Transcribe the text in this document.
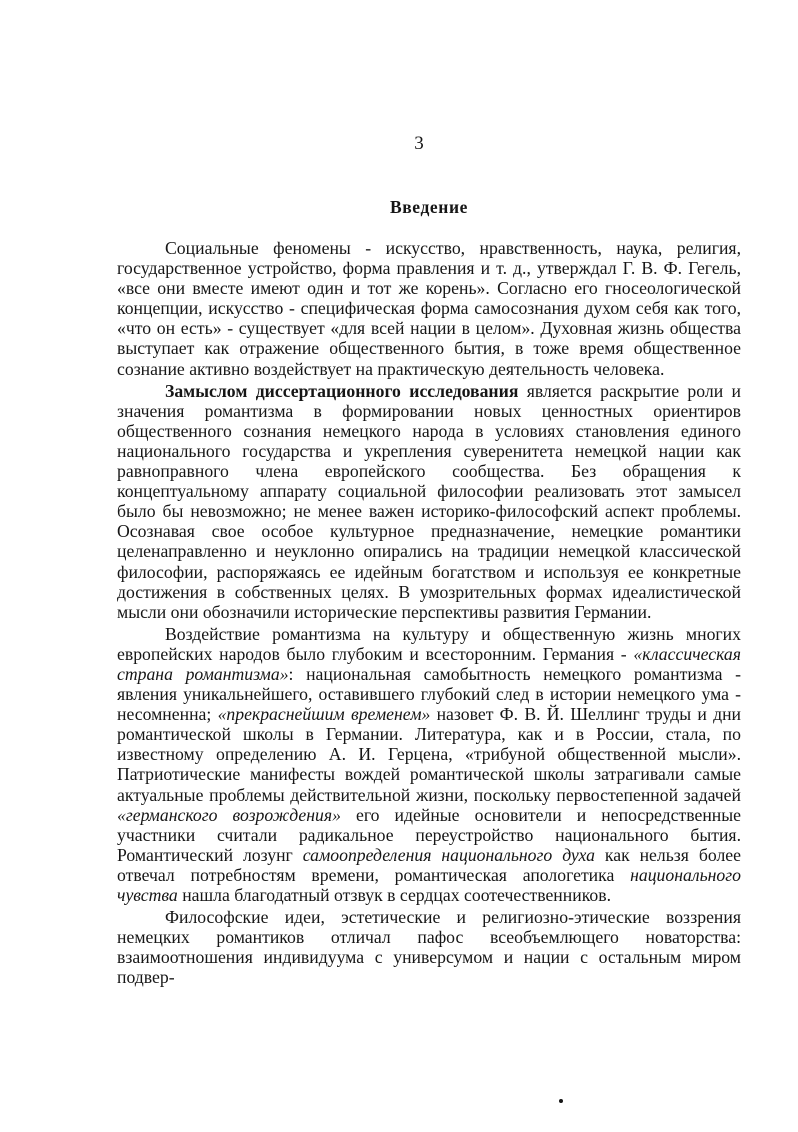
3
Введение

Социальные феномены - искусство, нравственность, наука, религия, государственное устройство, форма правления и т. д., утверждал Г. В. Ф. Гегель, «все они вместе имеют один и тот же корень». Согласно его гносеологической концепции, искусство - специфическая форма самосознания духом себя как того, «что он есть» - существует «для всей нации в целом». Духовная жизнь общества выступает как отражение общественного бытия, в тоже время общественное сознание активно воздействует на практическую деятельность человека.

Замыслом диссертационного исследования является раскрытие роли и значения романтизма в формировании новых ценностных ориентиров общественного сознания немецкого народа в условиях становления единого национального государства и укрепления суверенитета немецкой нации как равноправного члена европейского сообщества. Без обращения к концептуальному аппарату социальной философии реализовать этот замысел было бы невозможно; не менее важен историко-философский аспект проблемы. Осознавая свое особое культурное предназначение, немецкие романтики целенаправленно и неуклонно опирались на традиции немецкой классической философии, распоряжаясь ее идейным богатством и используя ее конкретные достижения в собственных целях. В умозрительных формах идеалистической мысли они обозначили исторические перспективы развития Германии.

Воздействие романтизма на культуру и общественную жизнь многих европейских народов было глубоким и всесторонним. Германия - «классическая страна романтизма»: национальная самобытность немецкого романтизма - явления уникальнейшего, оставившего глубокий след в истории немецкого ума - несомненна; «прекраснейшим временем» назовет Ф. В. Й. Шеллинг труды и дни романтической школы в Германии. Литература, как и в России, стала, по известному определению А. И. Герцена, «трибуной общественной мысли». Патриотические манифесты вождей романтической школы затрагивали самые актуальные проблемы действительной жизни, поскольку первостепенной задачей «германского возрождения» его идейные основители и непосредственные участники считали радикальное переустройство национального бытия. Романтический лозунг самоопределения национального духа как нельзя более отвечал потребностям времени, романтическая апологетика национального чувства нашла благодатный отзвук в сердцах соотечественников.

Философские идеи, эстетические и религиозно-этические воззрения немецких романтиков отличал пафос всеобъемлющего новаторства: взаимоотношения индивидуума с универсумом и нации с остальным миром подвер-
